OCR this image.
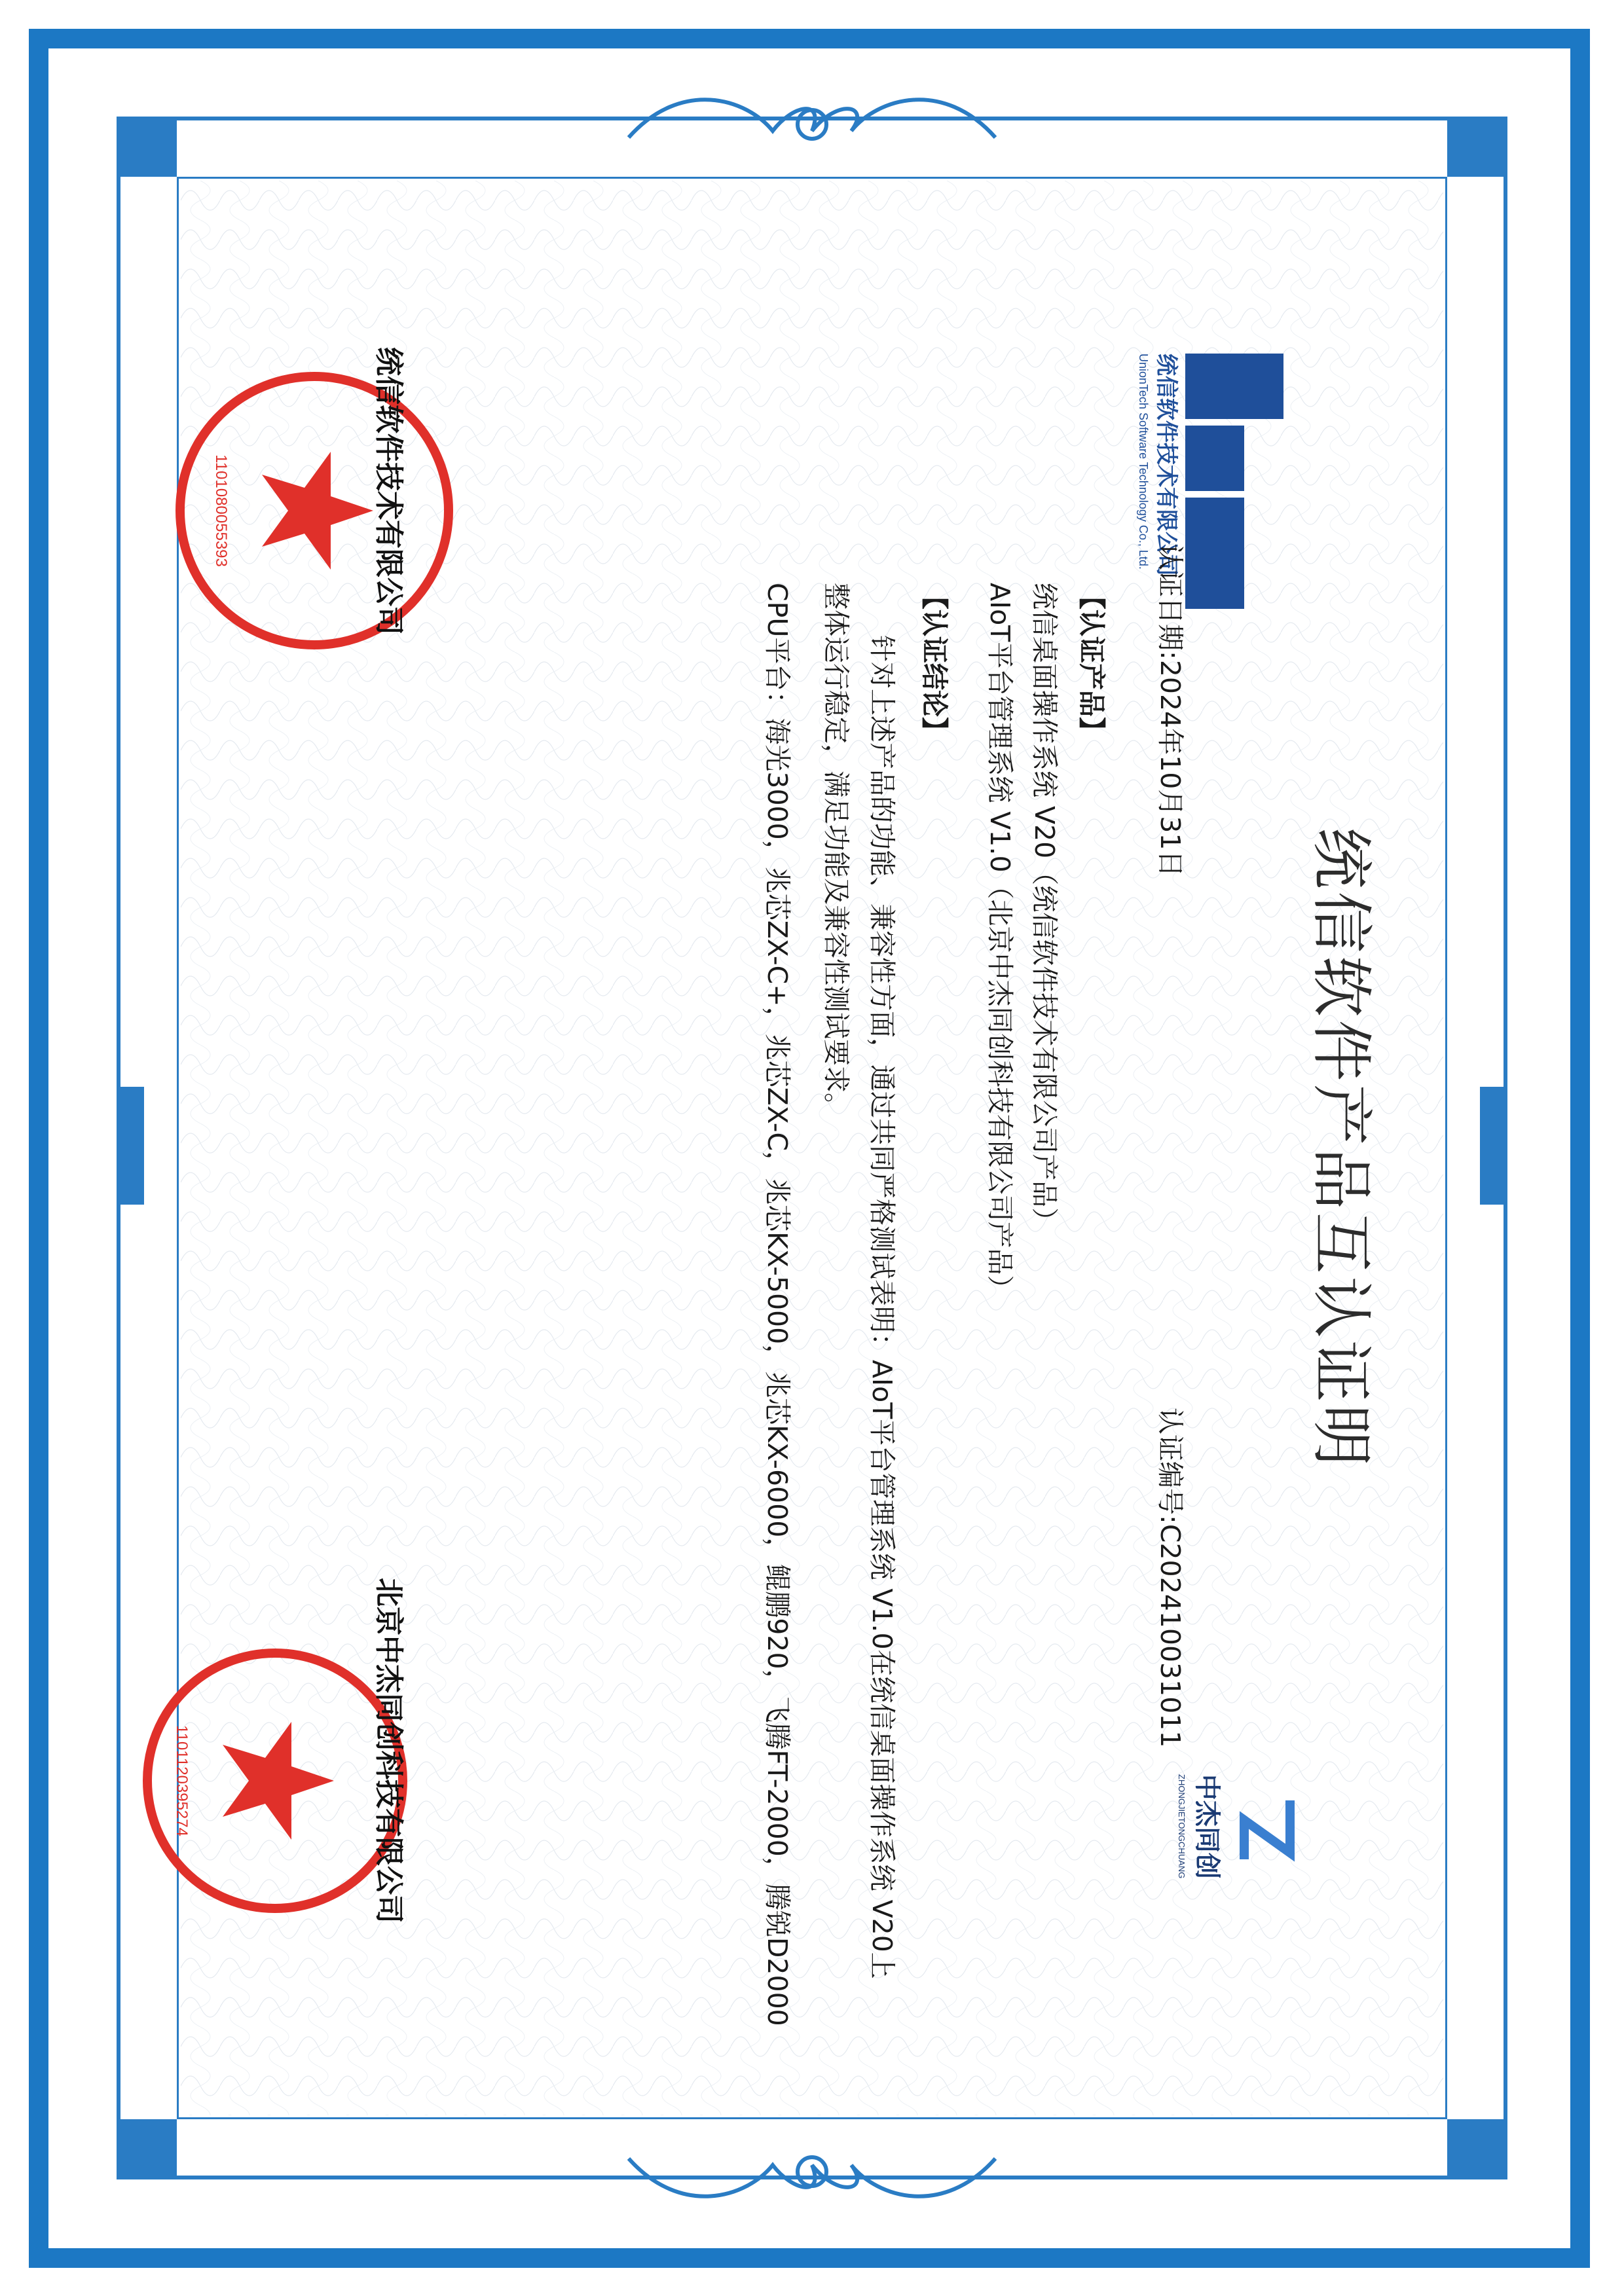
统信软件产品互认证明
统信软件技术有限公司
UnionTech Software Technology Co., Ltd.
认证日期:2024年10月31日
认证编号:C202410031011
中杰同创
ZHONGJIETONGCHUANG
【认证产品】
统信桌面操作系统 V20（统信软件技术有限公司产品）
AIoT平台管理系统 V1.0（北京中杰同创科技有限公司产品）
【认证结论】
针对上述产品的功能、兼容性方面，通过共同严格测试表明：AIoT平台管理系统 V1.0在统信桌面操作系统 V20上
整体运行稳定，满足功能及兼容性测试要求。
CPU平台：海光3000，兆芯ZX-C+，兆芯ZX-C，兆芯KX-5000，兆芯KX-6000，鲲鹏920，飞腾FT-2000，腾锐D2000
1101080055393	统信软件技术有限公司
1101120395274	北京中杰同创科技有限公司
